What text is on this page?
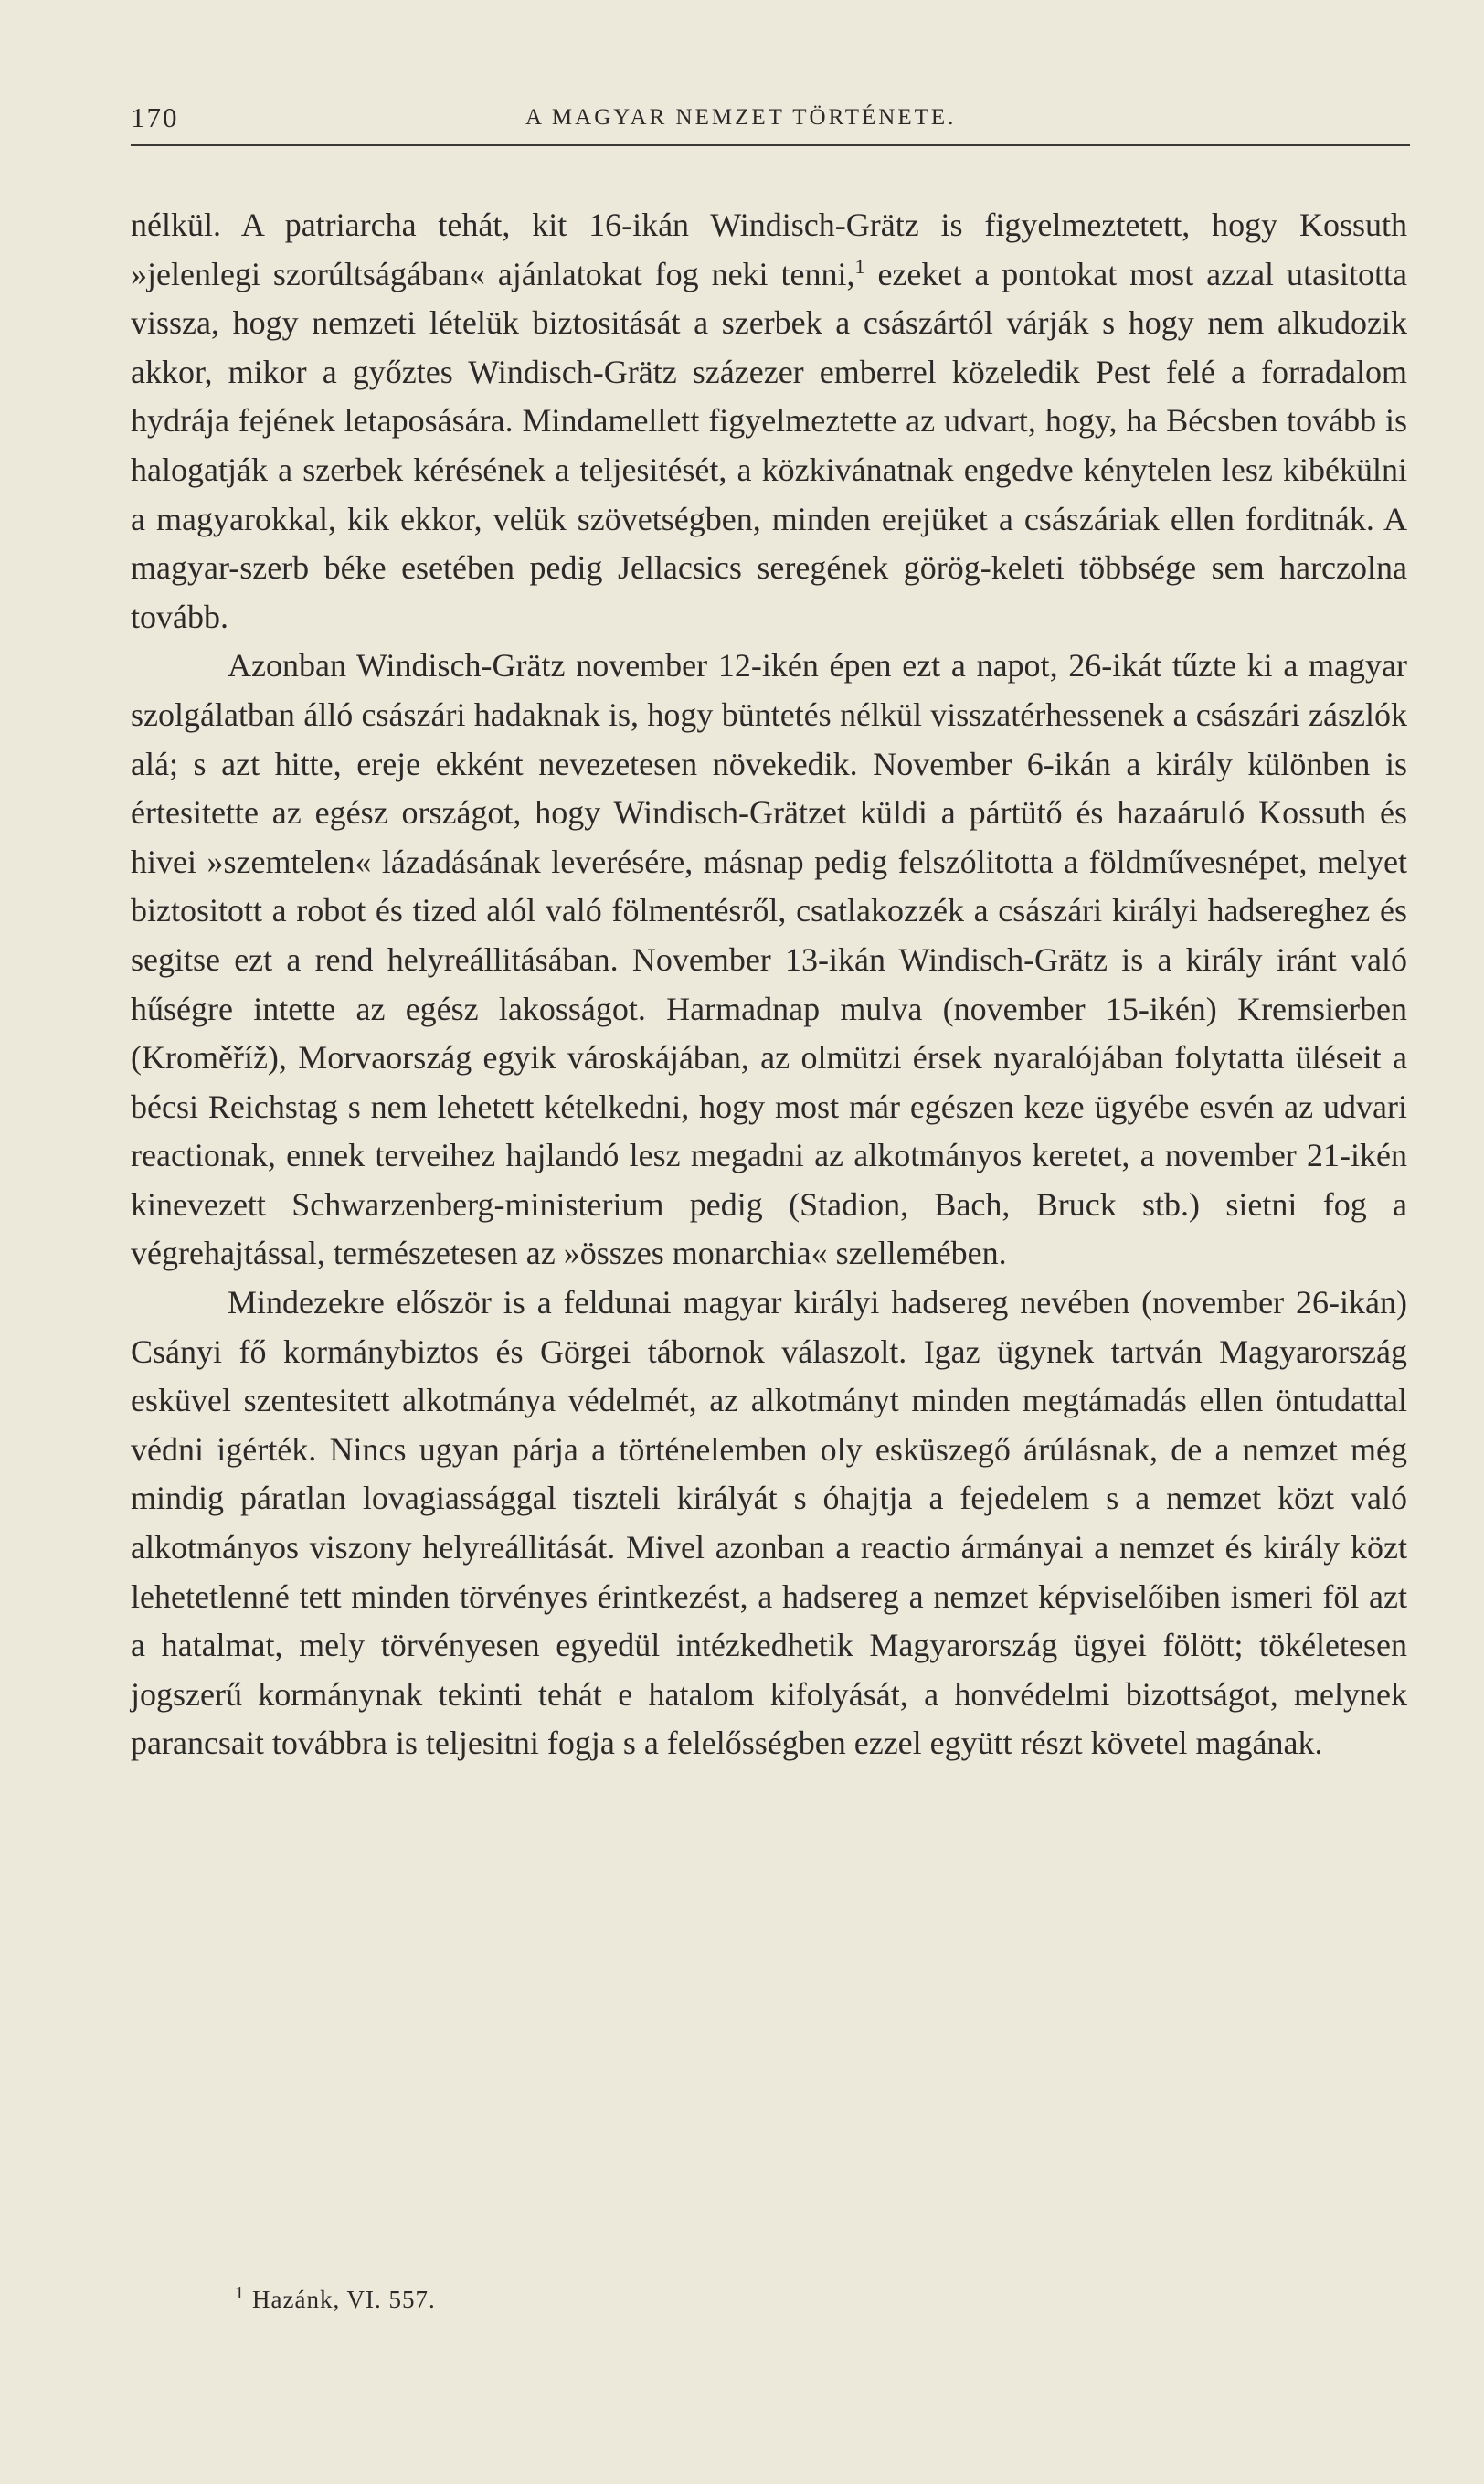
170	A MAGYAR NEMZET TÖRTÉNETE.

nélkül. A patriarcha tehát, kit 16-ikán Windisch-Grätz is figyelmeztetett, hogy Kossuth »jelenlegi szorúltságában« ajánlatokat fog neki tenni,$^1$ ezeket a pontokat most azzal utasitotta vissza, hogy nemzeti lételük biztositását a szerbek a császártól várják s hogy nem alkudozik akkor, mikor a győztes Windisch-Grätz százezer emberrel közeledik Pest felé a forradalom hydrája fejének letaposására. Mindamellett figyelmeztette az udvart, hogy, ha Bécsben tovább is halogatják a szerbek kérésének a teljesitését, a közkivánatnak engedve kénytelen lesz kibékülni a magyarokkal, kik ekkor, velük szövetségben, minden erejüket a császáriak ellen forditnák. A magyar-szerb béke esetében pedig Jellacsics seregének görög-keleti többsége sem harczolna tovább.

Azonban Windisch-Grätz november 12-ikén épen ezt a napot, 26-ikát tűzte ki a magyar szolgálatban álló császári hadaknak is, hogy büntetés nélkül visszatérhessenek a császári zászlók alá; s azt hitte, ereje ekként nevezetesen növekedik. November 6-ikán a király különben is értesitette az egész országot, hogy Windisch-Grätzet küldi a pártütő és hazaáruló Kossuth és hivei »szemtelen« lázadásának leverésére, másnap pedig felszólitotta a földművesnépet, melyet biztositott a robot és tized alól való fölmentésről, csatlakozzék a császári királyi hadsereghez és segitse ezt a rend helyreállitásában. November 13-ikán Windisch-Grätz is a király iránt való hűségre intette az egész lakosságot. Harmadnap mulva (november 15-ikén) Kremsierben (Kroměříž), Morvaország egyik városkájában, az olmützi érsek nyaralójában folytatta üléseit a bécsi Reichstag s nem lehetett kételkedni, hogy most már egészen keze ügyébe esvén az udvari reactionak, ennek terveihez hajlandó lesz megadni az alkotmányos keretet, a november 21-ikén kinevezett Schwarzenberg-ministerium pedig (Stadion, Bach, Bruck stb.) sietni fog a végrehajtással, természetesen az »összes monarchia« szellemében.

Mindezekre először is a feldunai magyar királyi hadsereg nevében (november 26-ikán) Csányi fő kormánybiztos és Görgei tábornok válaszolt. Igaz ügynek tartván Magyarország esküvel szentesitett alkotmánya védelmét, az alkotmányt minden megtámadás ellen öntudattal védni igérték. Nincs ugyan párja a történelemben oly esküszegő árúlásnak, de a nemzet még mindig páratlan lovagiassággal tiszteli királyát s óhajtja a fejedelem s a nemzet közt való alkotmányos viszony helyreállitását. Mivel azonban a reactio ármányai a nemzet és király közt lehetetlenné tett minden törvényes érintkezést, a hadsereg a nemzet képviselőiben ismeri föl azt a hatalmat, mely törvényesen egyedül intézkedhetik Magyarország ügyei fölött; tökéletesen jogszerű kormánynak tekinti tehát e hatalom kifolyását, a honvédelmi bizottságot, melynek parancsait továbbra is teljesitni fogja s a felelősségben ezzel együtt részt követel magának.

$^1$ Hazánk, VI. 557.
